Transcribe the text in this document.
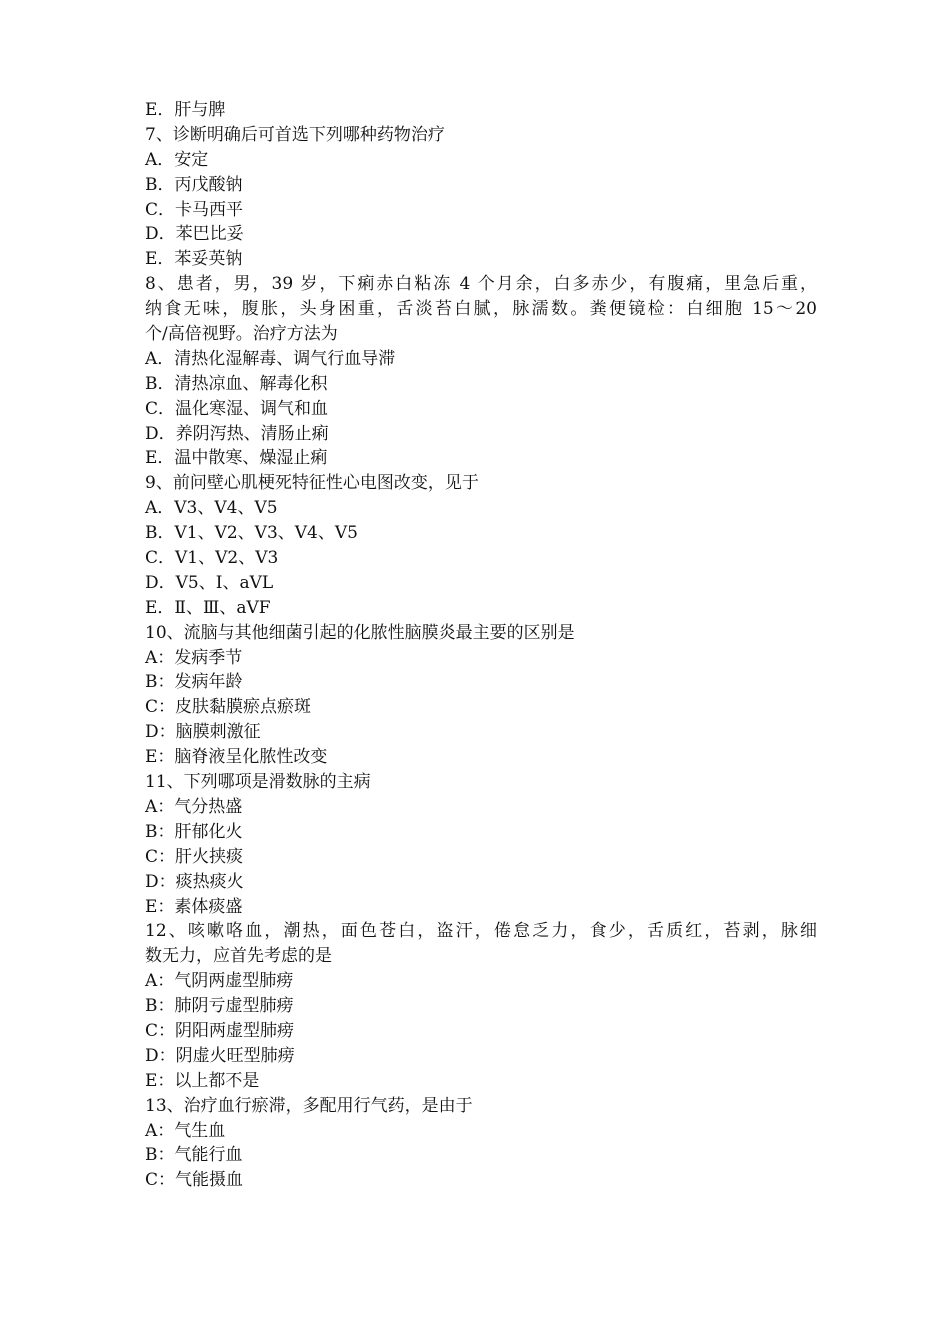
E．肝与脾
7、诊断明确后可首选下列哪种药物治疗
A．安定
B．丙戊酸钠
C．卡马西平
D．苯巴比妥
E．苯妥英钠
8、患者，男，39 岁，下痢赤白粘冻 4 个月余，白多赤少，有腹痛，里急后重，
纳食无味，腹胀，头身困重，舌淡苔白腻，脉濡数。粪便镜检：白细胞 15～20
个/高倍视野。治疗方法为
A．清热化湿解毒、调气行血导滞
B．清热凉血、解毒化积
C．温化寒湿、调气和血
D．养阴泻热、清肠止痢
E．温中散寒、燥湿止痢
9、前问壁心肌梗死特征性心电图改变，见于
A．Ⅴ3、Ⅴ4、Ⅴ5
B．Ⅴ1、Ⅴ2、Ⅴ3、Ⅴ4、Ⅴ5
C．Ⅴ1、Ⅴ2、Ⅴ3
D．Ⅴ5、Ⅰ、aⅤL
E．Ⅱ、Ⅲ、aⅤF
10、流脑与其他细菌引起的化脓性脑膜炎最主要的区别是
A：发病季节
B：发病年龄
C：皮肤黏膜瘀点瘀斑
D：脑膜刺激征
E：脑脊液呈化脓性改变
11、下列哪项是滑数脉的主病
A：气分热盛
B：肝郁化火
C：肝火挟痰
D：痰热痰火
E：素体痰盛
12、咳嗽咯血，潮热，面色苍白，盗汗，倦怠乏力，食少，舌质红，苔剥，脉细
数无力，应首先考虑的是
A：气阴两虚型肺痨
B：肺阴亏虚型肺痨
C：阴阳两虚型肺痨
D：阴虚火旺型肺痨
E：以上都不是
13、治疗血行瘀滞，多配用行气药，是由于
A：气生血
B：气能行血
C：气能摄血
